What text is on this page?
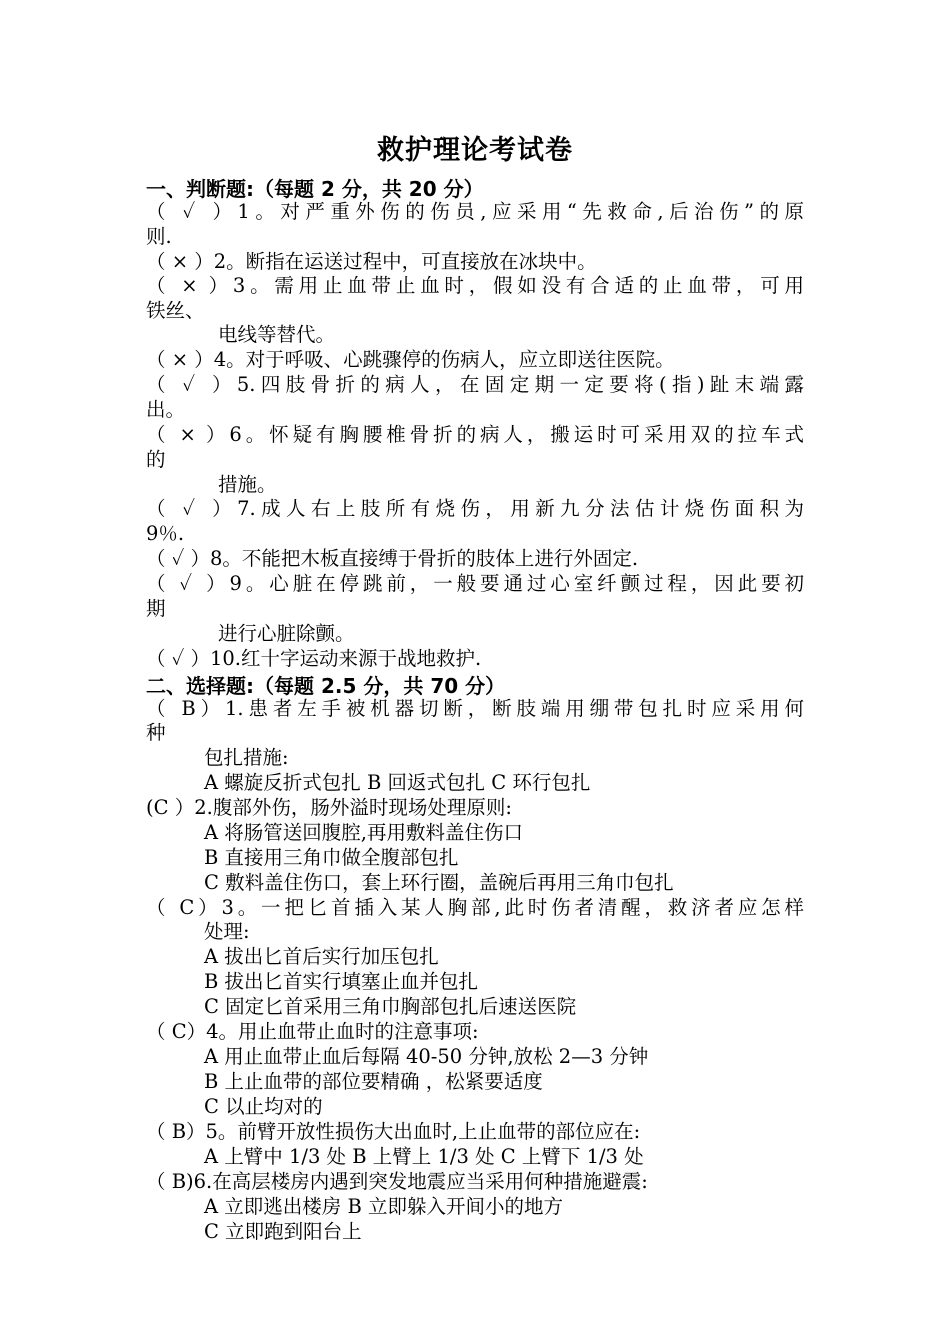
救护理论考试卷
一、判断题:（每题 2 分，共 20 分）
（ ✓ ）1。对严重外伤的伤员,应采用“先救命,后治伤”的原
则.
（ × ）2。断指在运送过程中，可直接放在冰块中。
（ × ）3。需用止血带止血时，假如没有合适的止血带，可用
铁丝、
电线等替代。
（ × ）4。对于呼吸、心跳骤停的伤病人，应立即送往医院。
（ ✓ ）5.四肢骨折的病人，在固定期一定要将(指)趾末端露
出。
（ × ）6。怀疑有胸腰椎骨折的病人，搬运时可采用双的拉车式
的
措施。
（ ✓ ）7.成人右上肢所有烧伤，用新九分法估计烧伤面积为
9％.
（ ✓ ）8。不能把木板直接缚于骨折的肢体上进行外固定.
（ ✓ ）9。心脏在停跳前，一般要通过心室纤颤过程，因此要初
期
进行心脏除颤。
（ ✓ ）10.红十字运动来源于战地救护.
二、选择题:（每题 2.5 分，共 70 分）
（ B）1.患者左手被机器切断，断肢端用绷带包扎时应采用何
种
包扎措施:
A 螺旋反折式包扎 B 回返式包扎 C 环行包扎
(C ）2.腹部外伤，肠外溢时现场处理原则:
A 将肠管送回腹腔,再用敷料盖住伤口
B 直接用三角巾做全腹部包扎
C 敷料盖住伤口，套上环行圈，盖碗后再用三角巾包扎
（ C）3。一把匕首插入某人胸部,此时伤者清醒，救济者应怎样
处理:
A 拔出匕首后实行加压包扎
B 拔出匕首实行填塞止血并包扎
C 固定匕首采用三角巾胸部包扎后速送医院
（ C）4。用止血带止血时的注意事项:
A 用止血带止血后每隔 40-50 分钟,放松 2—3 分钟
B 上止血带的部位要精确 ，松紧要适度
C 以止均对的
（ B）5。前臂开放性损伤大出血时,上止血带的部位应在:
A 上臂中 1/3 处 B 上臂上 1/3 处 C 上臂下 1/3 处
（ B)6.在高层楼房内遇到突发地震应当采用何种措施避震:
A 立即逃出楼房 B 立即躲入开间小的地方
C 立即跑到阳台上
